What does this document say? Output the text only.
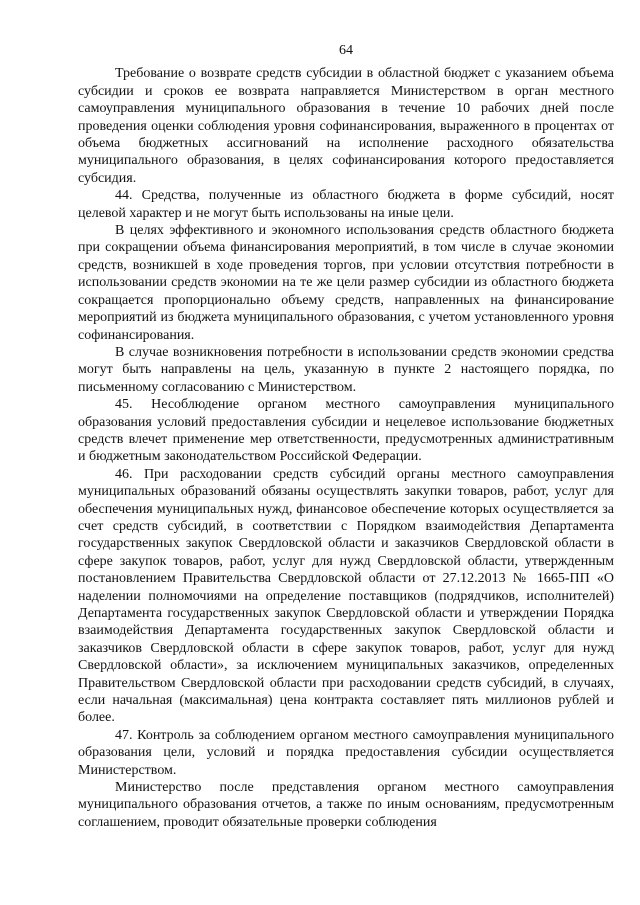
64

Требование о возврате средств субсидии в областной бюджет с указанием объема субсидии и сроков ее возврата направляется Министерством в орган местного самоуправления муниципального образования в течение 10 рабочих дней после проведения оценки соблюдения уровня софинансирования, выраженного в процентах от объема бюджетных ассигнований на исполнение расходного обязательства муниципального образования, в целях софинансирования которого предоставляется субсидия.

44. Средства, полученные из областного бюджета в форме субсидий, носят целевой характер и не могут быть использованы на иные цели.

В целях эффективного и экономного использования средств областного бюджета при сокращении объема финансирования мероприятий, в том числе в случае экономии средств, возникшей в ходе проведения торгов, при условии отсутствия потребности в использовании средств экономии на те же цели размер субсидии из областного бюджета сокращается пропорционально объему средств, направленных на финансирование мероприятий из бюджета муниципального образования, с учетом установленного уровня софинансирования.

В случае возникновения потребности в использовании средств экономии средства могут быть направлены на цель, указанную в пункте 2 настоящего порядка, по письменному согласованию с Министерством.

45. Несоблюдение органом местного самоуправления муниципального образования условий предоставления субсидии и нецелевое использование бюджетных средств влечет применение мер ответственности, предусмотренных административным и бюджетным законодательством Российской Федерации.

46. При расходовании средств субсидий органы местного самоуправления муниципальных образований обязаны осуществлять закупки товаров, работ, услуг для обеспечения муниципальных нужд, финансовое обеспечение которых осуществляется за счет средств субсидий, в соответствии с Порядком взаимодействия Департамента государственных закупок Свердловской области и заказчиков Свердловской области в сфере закупок товаров, работ, услуг для нужд Свердловской области, утвержденным постановлением Правительства Свердловской области от 27.12.2013 № 1665-ПП «О наделении полномочиями на определение поставщиков (подрядчиков, исполнителей) Департамента государственных закупок Свердловской области и утверждении Порядка взаимодействия Департамента государственных закупок Свердловской области и заказчиков Свердловской области в сфере закупок товаров, работ, услуг для нужд Свердловской области», за исключением муниципальных заказчиков, определенных Правительством Свердловской области при расходовании средств субсидий, в случаях, если начальная (максимальная) цена контракта составляет пять миллионов рублей и более.

47. Контроль за соблюдением органом местного самоуправления муниципального образования цели, условий и порядка предоставления субсидии осуществляется Министерством.

Министерство после представления органом местного самоуправления муниципального образования отчетов, а также по иным основаниям, предусмотренным соглашением, проводит обязательные проверки соблюдения
